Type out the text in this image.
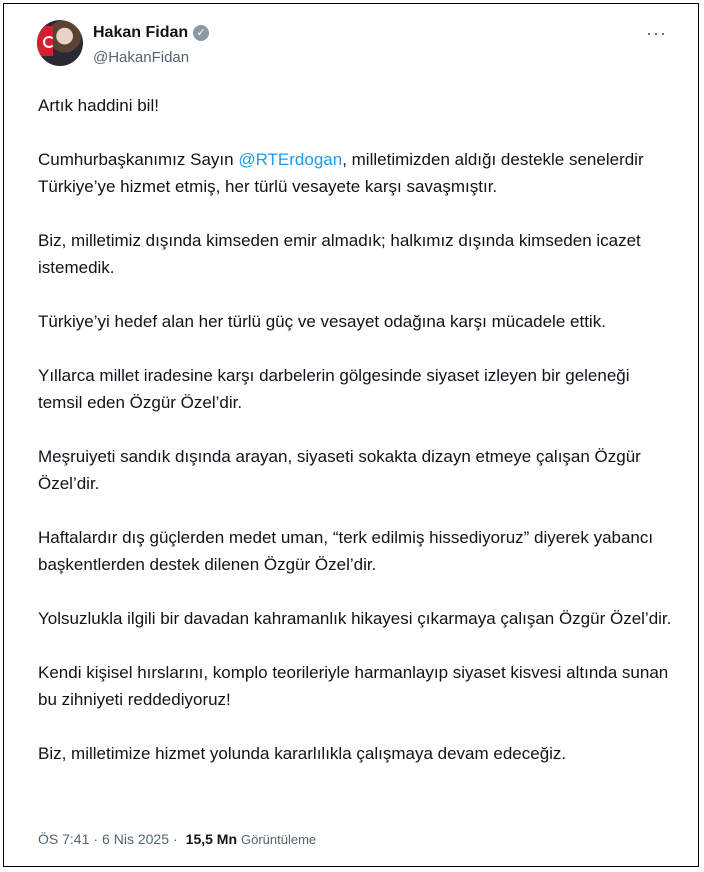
Hakan Fidan ✓
@HakanFidan
···

Artık haddini bil!

Cumhurbaşkanımız Sayın @RTErdogan, milletimizden aldığı destekle senelerdir Türkiye’ye hizmet etmiş, her türlü vesayete karşı savaşmıştır.

Biz, milletimiz dışında kimseden emir almadık; halkımız dışında kimseden icazet istemedik.

Türkiye’yi hedef alan her türlü güç ve vesayet odağına karşı mücadele ettik.

Yıllarca millet iradesine karşı darbelerin gölgesinde siyaset izleyen bir geleneği temsil eden Özgür Özel’dir.

Meşruiyeti sandık dışında arayan, siyaseti sokakta dizayn etmeye çalışan Özgür Özel’dir.

Haftalardır dış güçlerden medet uman, “terk edilmiş hissediyoruz” diyerek yabancı başkentlerden destek dilenen Özgür Özel’dir.

Yolsuzlukla ilgili bir davadan kahramanlık hikayesi çıkarmaya çalışan Özgür Özel’dir.

Kendi kişisel hırslarını, komplo teorileriyle harmanlayıp siyaset kisvesi altında sunan bu zihniyeti reddediyoruz!

Biz, milletimize hizmet yolunda kararlılıkla çalışmaya devam edeceğiz.

ÖS 7:41 · 6 Nis 2025 · 15,5 Mn Görüntüleme
